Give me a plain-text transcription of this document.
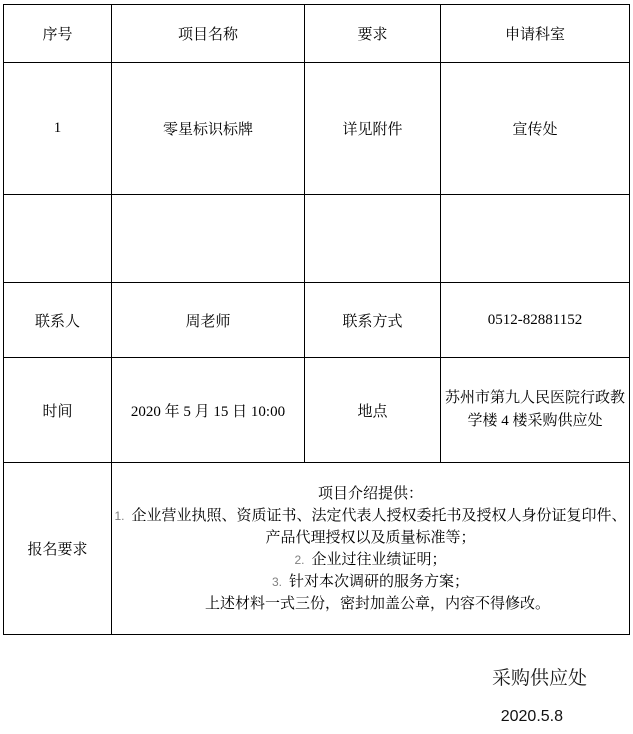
序号	项目名称	要求	申请科室
1	零星标识标牌	详见附件	宣传处

联系人	周老师	联系方式	0512-82881152
时间	2020 年 5 月 15 日 10:00	地点	苏州市第九人民医院行政教学楼 4 楼采购供应处
报名要求	项目介绍提供：
1. 企业营业执照、资质证书、法定代表人授权委托书及授权人身份证复印件、产品代理授权以及质量标准等；
2. 企业过往业绩证明；
3. 针对本次调研的服务方案；
上述材料一式三份，密封加盖公章，内容不得修改。		
采购供应处
2020.5.8
